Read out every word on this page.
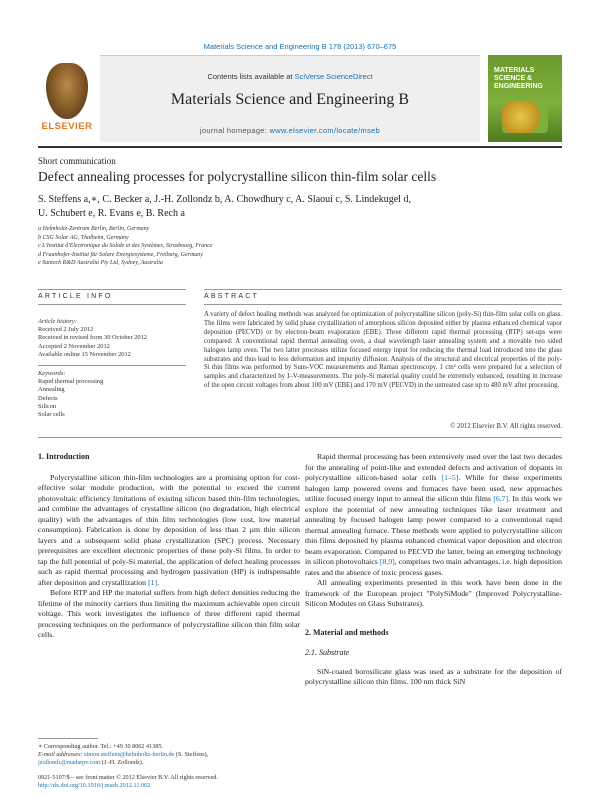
Materials Science and Engineering B 178 (2013) 670–675
ELSEVIER
Contents lists available at SciVerse ScienceDirect
Materials Science and Engineering B
journal homepage: www.elsevier.com/locate/mseb
MATERIALS SCIENCE & ENGINEERING
Short communication
Defect annealing processes for polycrystalline silicon thin-film solar cells
S. Steffens a,∗, C. Becker a, J.-H. Zollondz b, A. Chowdhury c, A. Slaoui c, S. Lindekugel d,
U. Schubert e, R. Evans e, B. Rech a
a Helmholtz-Zentrum Berlin, Berlin, Germany
b CSG Solar AG, Thalheim, Germany
c L'Institut d'Electronique du Solide et des Systèmes, Strasbourg, France
d Fraunhofer-Institut für Solare Energiesysteme, Freiburg, Germany
e Suntech R&D Australia Pty Ltd, Sydney, Australia
ARTICLE INFO	ABSTRACT
Article history:
Received 2 July 2012
Received in revised form 30 October 2012
Accepted 2 November 2012
Available online 15 November 2012
Keywords:
Rapid thermal processing
Annealing
Defects
Silicon
Solar cells
A variety of defect healing methods was analyzed for optimization of polycrystalline silicon (poly-Si) thin-film solar cells on glass. The films were fabricated by solid phase crystallization of amorphous silicon deposited either by plasma enhanced chemical vapor deposition (PECVD) or by electron-beam evaporation (EBE). Three different rapid thermal processing (RTP) set-ups were compared: A conventional rapid thermal annealing oven, a dual wavelength laser annealing system and a movable two sided halogen lamp oven. The two latter processes utilize focused energy input for reducing the thermal load introduced into the glass substrates and thus lead to less deformation and impurity diffusion. Analysis of the structural and electrical properties of the poly-Si thin films was performed by Suns-VOC measurements and Raman spectroscopy. 1 cm² cells were prepared for a selection of samples and characterized by I–V-measurements. The poly-Si material quality could be extremely enhanced, resulting in increase of the open circuit voltages from about 100 mV (EBE) and 170 mV (PECVD) in the untreated case up to 480 mV after processing.
© 2012 Elsevier B.V. All rights reserved.
1. Introduction

Polycrystalline silicon thin-film technologies are a promising option for cost-effective solar module production, with the potential to exceed the current photovoltaic efficiency limitations of existing silicon based thin-film technologies, and combine the advantages of crystalline silicon (no degradation, high electrical quality) with the advantages of thin film technologies (low cost, low material consumption). Fabrication is done by deposition of less than 2 µm thin silicon layers and a subsequent solid phase crystallization (SPC) process. Necessary prerequisites are excellent electronic properties of these poly-Si films. In order to tap the full potential of poly-Si material, the application of defect healing processes such as rapid thermal processing and hydrogen passivation (HP) is indispensable after deposition and crystallization [1].

Before RTP and HP the material suffers from high defect densities reducing the lifetime of the minority carriers thus limiting the maximum achievable open circuit voltage. This work investigates the influence of three different rapid thermal processing techniques on the performance of polycrystalline silicon thin film solar cells.

Rapid thermal processing has been extensively used over the last two decades for the annealing of point-like and extended defects and activation of dopants in polycrystalline silicon-based solar cells [1–5]. While for these experiments halogen lamp powered ovens and furnaces have been used, new approaches utilize focused energy input to anneal the silicon thin films [6,7]. In this work we explore the potential of new annealing techniques like laser treatment and annealing by focused halogen lamp power compared to a conventional rapid thermal annealing furnace. These methods were applied to polycrystalline silicon thin films deposited by plasma enhanced chemical vapor deposition and electron beam evaporation. Compared to PECVD the latter, being an emerging technology in silicon photovoltaics [8,9], comprises two main advantages, i.e. high deposition rates and the absence of toxic process gases.

All annealing experiments presented in this work have been done in the framework of the European project "PolySiMode" (Improved Polycrystalline-Silicon Modules on Glass Substrates).

2. Material and methods
2.1. Substrate

SiN-coated borosilicate glass was used as a substrate for the deposition of polycrystalline silicon thin films. 100 nm thick SiN

∗ Corresponding author. Tel.: +49 30 8062 41385.
E-mail addresses: simon.steffens@helmholtz-berlin.de (S. Steffens),
jzollondz@madarpv.com (J.-H. Zollondz).
0921-5107/$ – see front matter © 2012 Elsevier B.V. All rights reserved.
http://dx.doi.org/10.1016/j.mseb.2012.11.002
